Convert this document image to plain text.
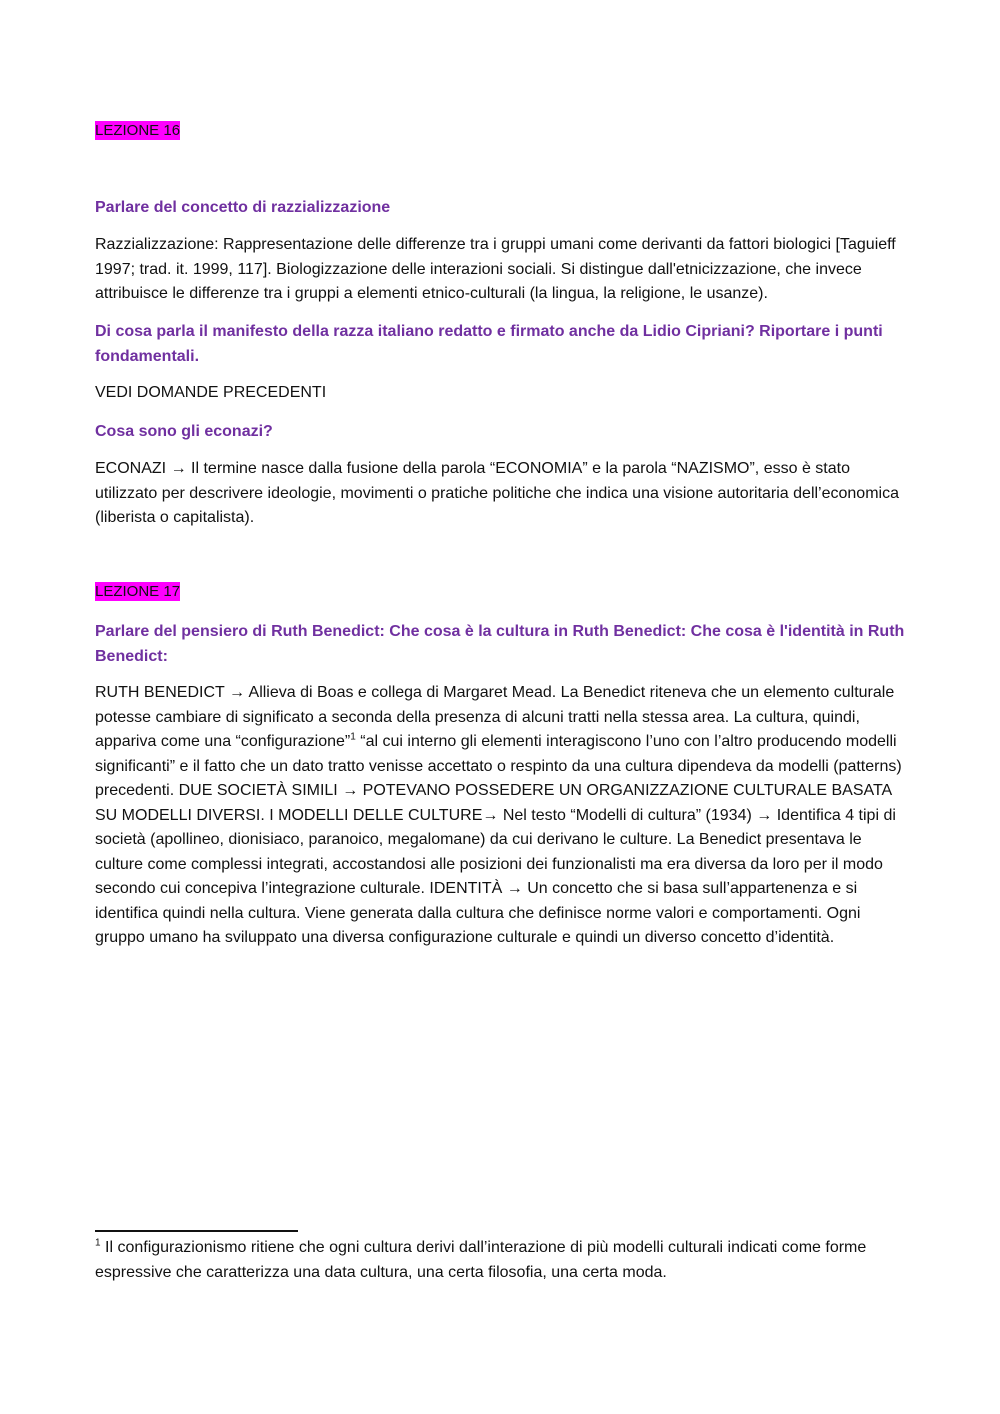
LEZIONE 16

Parlare del concetto di razzializzazione

Razzializzazione: Rappresentazione delle differenze tra i gruppi umani come derivanti da fattori biologici [Taguieff 1997; trad. it. 1999, 117]. Biologizzazione delle interazioni sociali. Si distingue dall'etnicizzazione, che invece attribuisce le differenze tra i gruppi a elementi etnico-culturali (la lingua, la religione, le usanze).

Di cosa parla il manifesto della razza italiano redatto e firmato anche da Lidio Cipriani? Riportare i punti fondamentali.

VEDI DOMANDE PRECEDENTI

Cosa sono gli econazi?

ECONAZI → Il termine nasce dalla fusione della parola “ECONOMIA” e la parola “NAZISMO”, esso è stato utilizzato per descrivere ideologie, movimenti o pratiche politiche che indica una visione autoritaria dell’economica (liberista o capitalista).

LEZIONE 17

Parlare del pensiero di Ruth Benedict: Che cosa è la cultura in Ruth Benedict: Che cosa è l'identità in Ruth Benedict:

RUTH BENEDICT → Allieva di Boas e collega di Margaret Mead. La Benedict riteneva che un elemento culturale potesse cambiare di significato a seconda della presenza di alcuni tratti nella stessa area. La cultura, quindi, appariva come una “configurazione”$^1$ “al cui interno gli elementi interagiscono l’uno con l’altro producendo modelli significanti” e il fatto che un dato tratto venisse accettato o respinto da una cultura dipendeva da modelli (patterns) precedenti. DUE SOCIETÀ SIMILI → POTEVANO POSSEDERE UN ORGANIZZAZIONE CULTURALE BASATA SU MODELLI DIVERSI. I MODELLI DELLE CULTURE→ Nel testo “Modelli di cultura” (1934) → Identifica 4 tipi di società (apollineo, dionisiaco, paranoico, megalomane) da cui derivano le culture. La Benedict presentava le culture come complessi integrati, accostandosi alle posizioni dei funzionalisti ma era diversa da loro per il modo secondo cui concepiva l’integrazione culturale. IDENTITÀ → Un concetto che si basa sull’appartenenza e si identifica quindi nella cultura. Viene generata dalla cultura che definisce norme valori e comportamenti. Ogni gruppo umano ha sviluppato una diversa configurazione culturale e quindi un diverso concetto d’identità.

$^1$ Il configurazionismo ritiene che ogni cultura derivi dall’interazione di più modelli culturali indicati come forme espressive che caratterizza una data cultura, una certa filosofia, una certa moda.
